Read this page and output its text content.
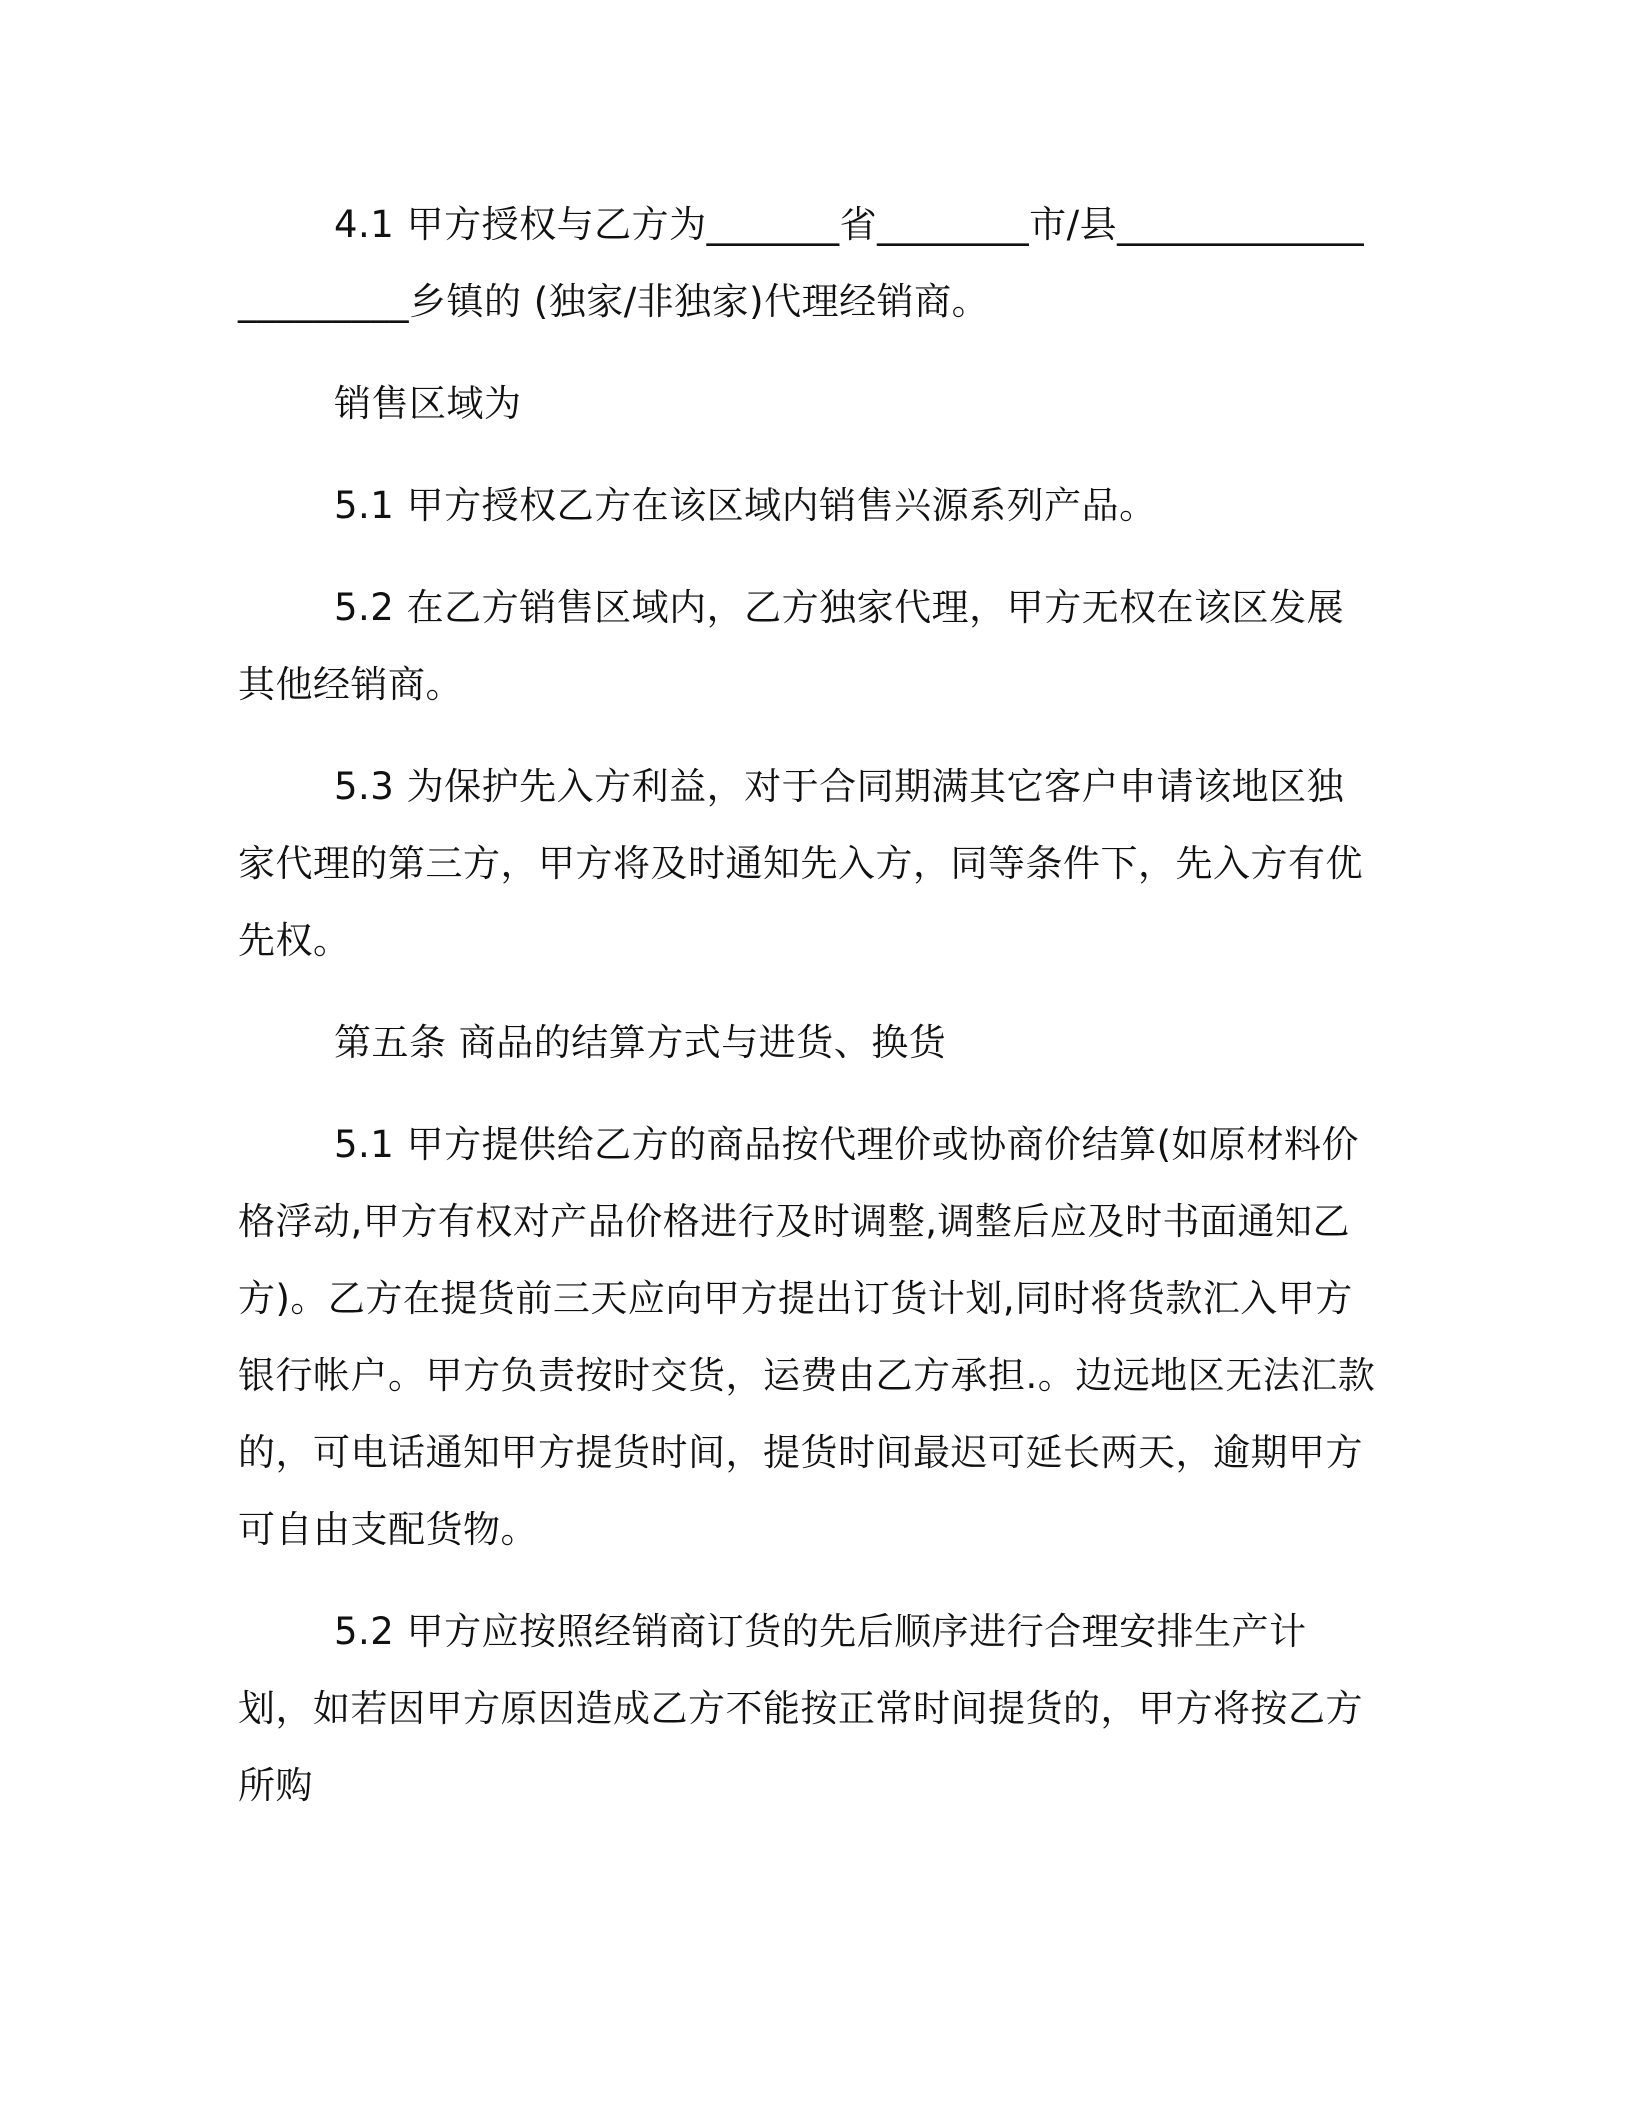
4.1 甲方授权与乙方为_______省________市/县______________________乡镇的 (独家/非独家)代理经销商。

销售区域为

5.1 甲方授权乙方在该区域内销售兴源系列产品。

5.2 在乙方销售区域内，乙方独家代理，甲方无权在该区发展其他经销商。

5.3 为保护先入方利益，对于合同期满其它客户申请该地区独家代理的第三方，甲方将及时通知先入方，同等条件下，先入方有优先权。

第五条 商品的结算方式与进货、换货

5.1 甲方提供给乙方的商品按代理价或协商价结算(如原材料价格浮动,甲方有权对产品价格进行及时调整,调整后应及时书面通知乙方)。乙方在提货前三天应向甲方提出订货计划,同时将货款汇入甲方银行帐户。甲方负责按时交货，运费由乙方承担.。边远地区无法汇款的，可电话通知甲方提货时间，提货时间最迟可延长两天，逾期甲方可自由支配货物。

5.2 甲方应按照经销商订货的先后顺序进行合理安排生产计划，如若因甲方原因造成乙方不能按正常时间提货的，甲方将按乙方所购
